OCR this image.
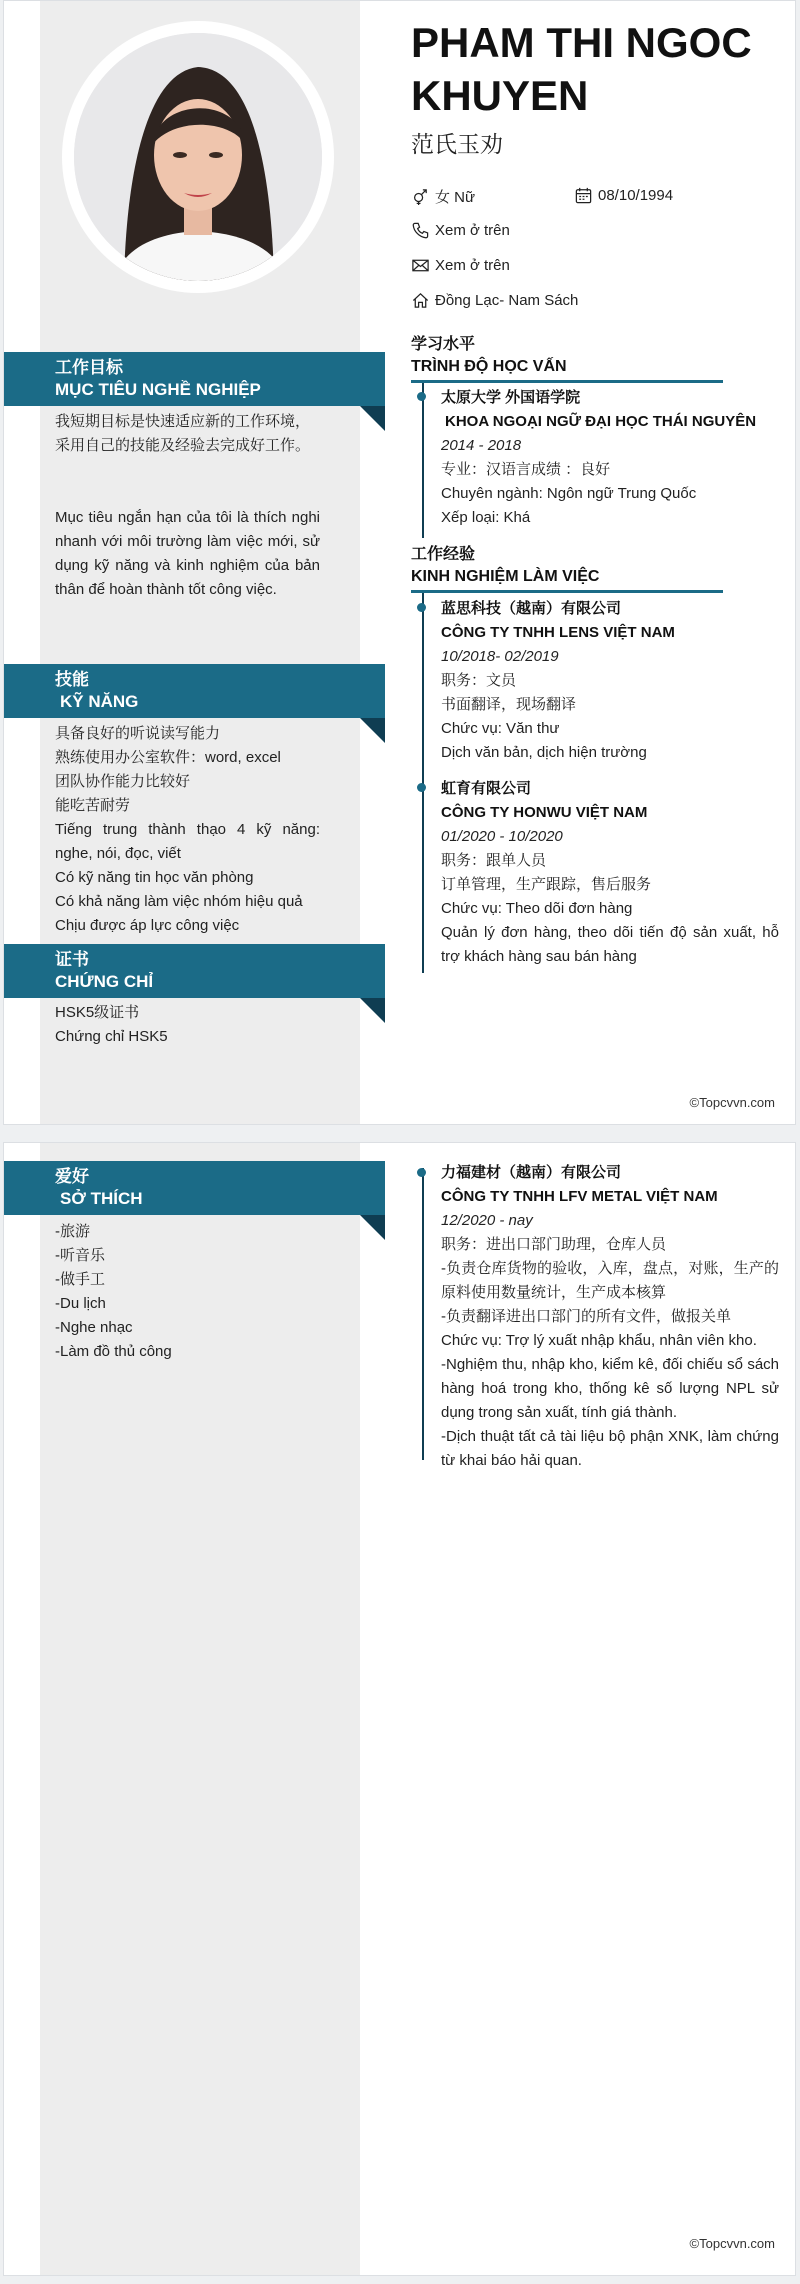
PHAM THI NGOC
KHUYEN
范氏玉劝
女 Nữ	08/10/1994
Xem ở trên
Xem ở trên
Đồng Lạc- Nam Sách
工作目标
MỤC TIÊU NGHỀ NGHIỆP
我短期目标是快速适应新的工作环境，采用自己的技能及经验去完成好工作。
Mục tiêu ngắn hạn của tôi là thích nghi nhanh với môi trường làm việc mới, sử dụng kỹ năng và kinh nghiệm của bản thân để hoàn thành tốt công việc.
技能
KỸ NĂNG
具备良好的听说读写能力
熟练使用办公室软件：word, excel
团队协作能力比较好
能吃苦耐劳
Tiếng trung thành thạo 4 kỹ năng: nghe, nói, đọc, viết
Có kỹ năng tin học văn phòng
Có khả năng làm việc nhóm hiệu quả
Chịu được áp lực công việc
证书
CHỨNG CHỈ
HSK5级证书
Chứng chỉ HSK5
学习水平
TRÌNH ĐỘ HỌC VẤN
太原大学 外国语学院
KHOA NGOẠI NGỮ ĐẠI HỌC THÁI NGUYÊN
2014 - 2018
专业：汉语言成绩 ：良好
Chuyên ngành: Ngôn ngữ Trung Quốc
Xếp loại: Khá
工作经验
KINH NGHIỆM LÀM VIỆC
蓝思科技（越南）有限公司
CÔNG TY TNHH LENS VIỆT NAM
10/2018- 02/2019
职务：文员
书面翻译，现场翻译
Chức vụ: Văn thư
Dịch văn bản, dịch hiện trường
虹育有限公司
CÔNG TY HONWU VIỆT NAM
01/2020 - 10/2020
职务：跟单人员
订单管理，生产跟踪，售后服务
Chức vụ: Theo dõi đơn hàng
Quản lý đơn hàng, theo dõi tiến độ sản xuất, hỗ trợ khách hàng sau bán hàng
©Topcvvn.com
爱好
SỞ THÍCH
-旅游
-听音乐
-做手工
-Du lịch
-Nghe nhạc
-Làm đồ thủ công
力福建材（越南）有限公司
CÔNG TY TNHH LFV METAL VIỆT NAM
12/2020 - nay
职务：进出口部门助理，仓库人员
-负责仓库货物的验收，入库，盘点，对账，生产的原料使用数量统计，生产成本核算
-负责翻译进出口部门的所有文件，做报关单
Chức vụ: Trợ lý xuất nhập khẩu, nhân viên kho.
-Nghiệm thu, nhập kho, kiểm kê, đối chiếu sổ sách hàng hoá trong kho, thống kê số lượng NPL sử dụng trong sản xuất, tính giá thành.
-Dịch thuật tất cả tài liệu bộ phận XNK, làm chứng từ khai báo hải quan.
©Topcvvn.com
